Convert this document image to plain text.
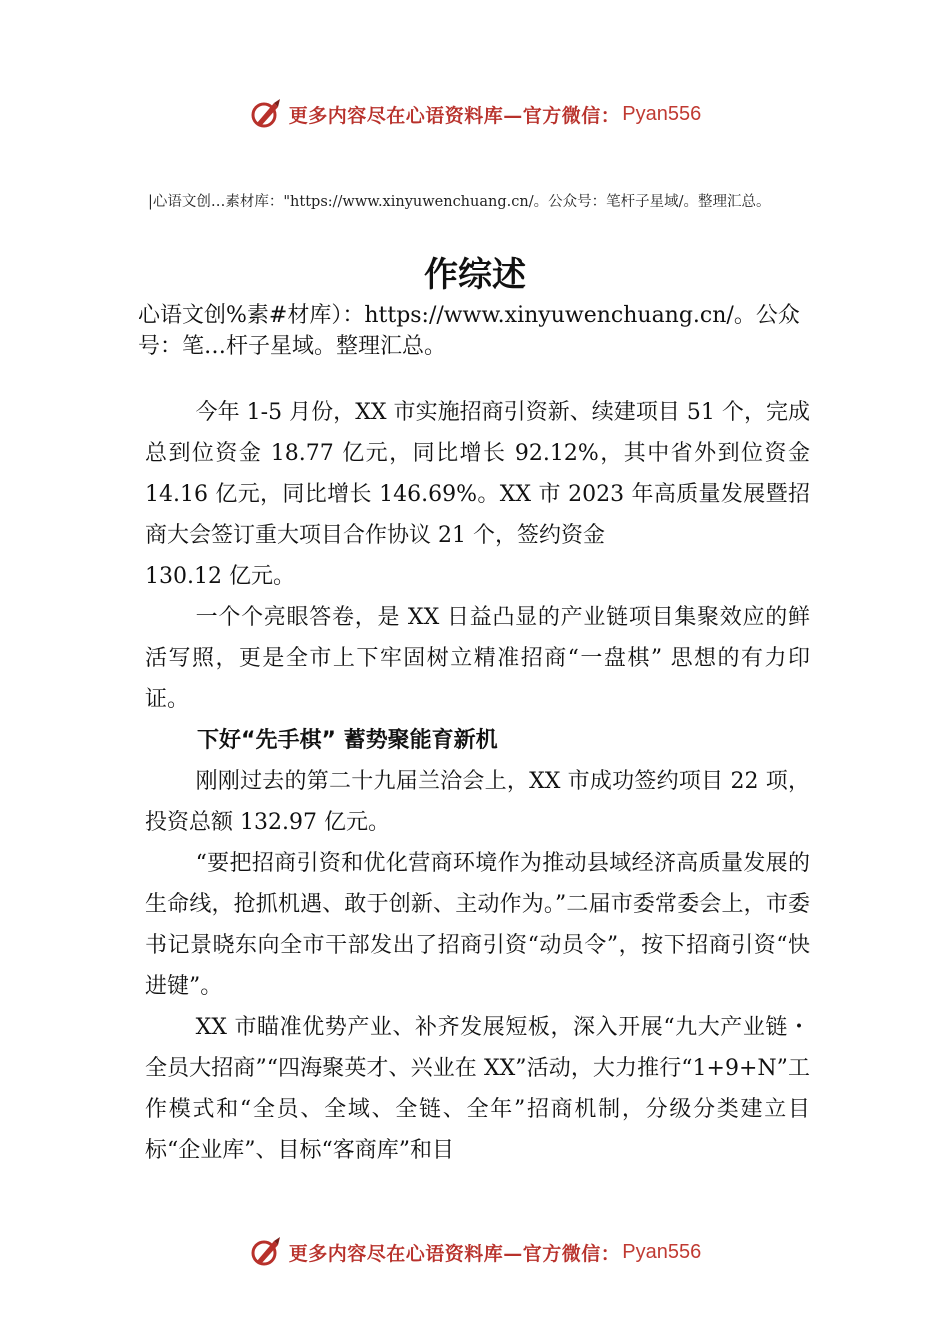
更多内容尽在心语资料库—官方微信： Pyan556
|心语文创…素材库："https://www.xinyuwenchuang.cn/。公众号：笔杆子星域/。整理汇总。
作综述
心语文创%素#材库）：https://www.xinyuwenchuang.cn/。公众号：笔…杆子星域。整理汇总。

今年 1-5 月份，XX 市实施招商引资新、续建项目 51 个，完成总到位资金 18.77 亿元，同比增长 92.12%，其中省外到位资金 14.16 亿元，同比增长 146.69%。XX 市 2023 年高质量发展暨招商大会签订重大项目合作协议 21 个，签约资金

130.12 亿元。

一个个亮眼答卷，是 XX 日益凸显的产业链项目集聚效应的鲜活写照，更是全市上下牢固树立精准招商“一盘棋” 思想的有力印证。

下好“先手棋” 蓄势聚能育新机

刚刚过去的第二十九届兰洽会上，XX 市成功签约项目 22 项，投资总额 132.97 亿元。

“要把招商引资和优化营商环境作为推动县域经济高质量发展的生命线，抢抓机遇、敢于创新、主动作为。”二届市委常委会上，市委书记景晓东向全市干部发出了招商引资“动员令”，按下招商引资“快进键”。

XX 市瞄准优势产业、补齐发展短板，深入开展“九大产业链・全员大招商”“四海聚英才、兴业在 XX”活动，大力推行“1+9+N”工作模式和“全员、全域、全链、全年”招商机制，分级分类建立目标“企业库”、目标“客商库”和目

更多内容尽在心语资料库—官方微信： Pyan556
